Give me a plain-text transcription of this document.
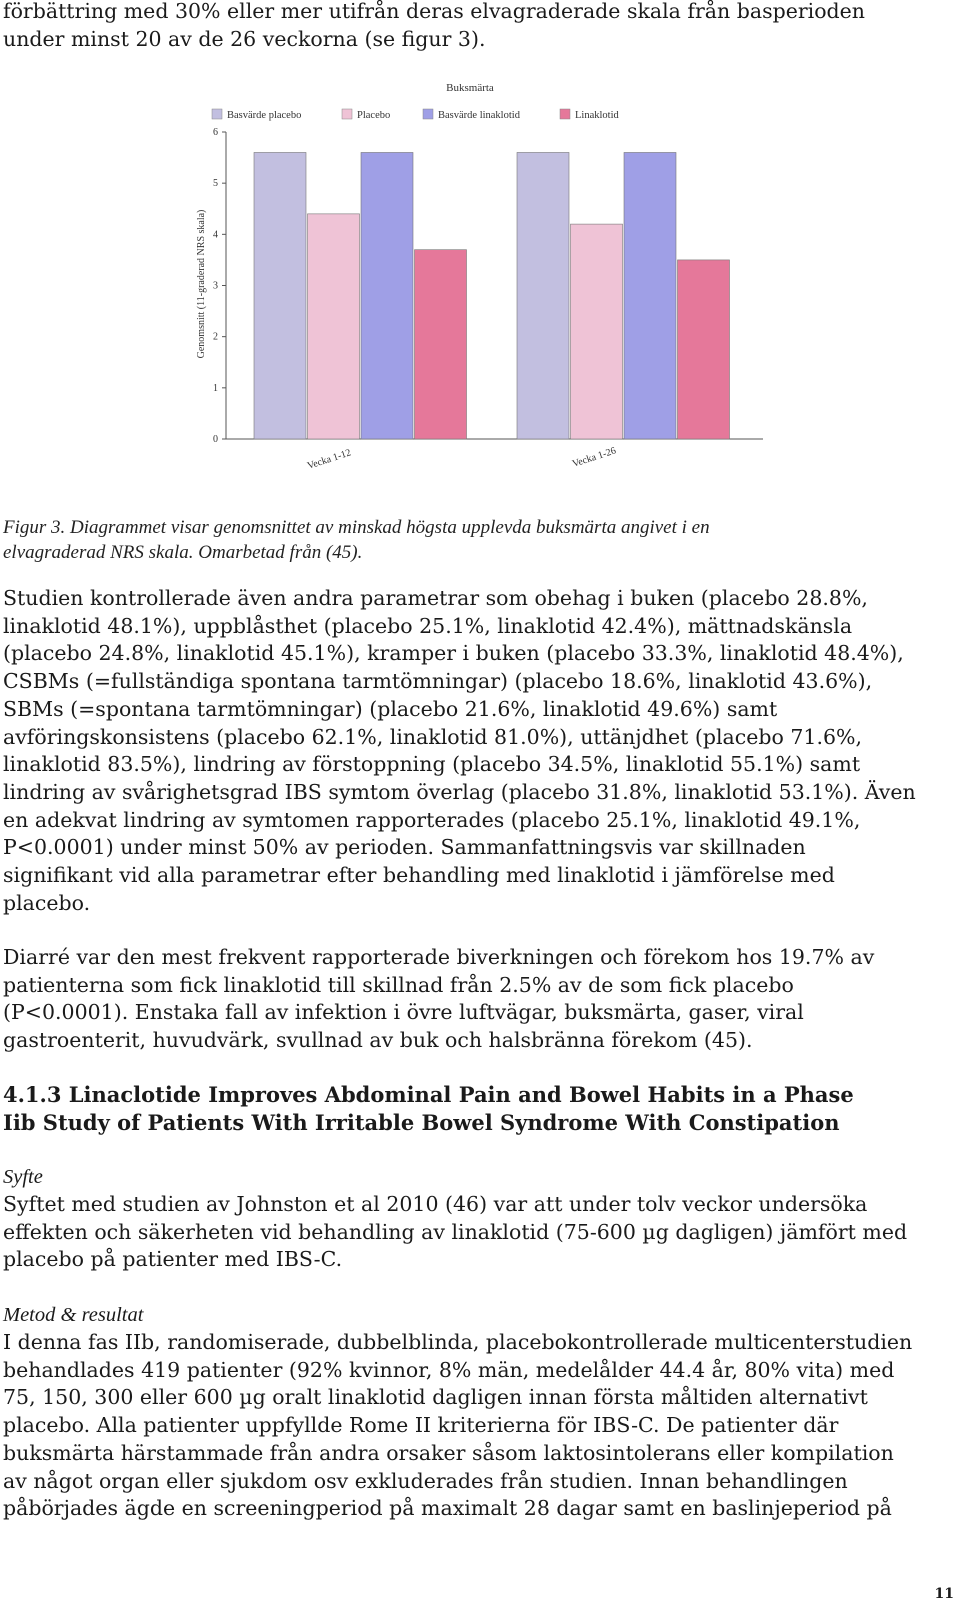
förbättring med 30% eller mer utifrån deras elvagraderade skala från basperioden
under minst 20 av de 26 veckorna (se figur 3).
Buksmärta
Basvärde placebo	Placebo	Basvärde linaklotid	Linaklotid
Genomsnitt (11-graderad NRS skala)
0
1
2
3
4
5
6
Vecka 1-12	Vecka 1-26
Figur 3. Diagrammet visar genomsnittet av minskad högsta upplevda buksmärta angivet i en
elvagraderad NRS skala. Omarbetad från (45).
Studien kontrollerade även andra parametrar som obehag i buken (placebo 28.8%,
linaklotid 48.1%), uppblåsthet (placebo 25.1%, linaklotid 42.4%), mättnadskänsla
(placebo 24.8%, linaklotid 45.1%), kramper i buken (placebo 33.3%, linaklotid 48.4%),
CSBMs (=fullständiga spontana tarmtömningar) (placebo 18.6%, linaklotid 43.6%),
SBMs (=spontana tarmtömningar) (placebo 21.6%, linaklotid 49.6%) samt
avföringskonsistens (placebo 62.1%, linaklotid 81.0%), uttänjdhet (placebo 71.6%,
linaklotid 83.5%), lindring av förstoppning (placebo 34.5%, linaklotid 55.1%) samt
lindring av svårighetsgrad IBS symtom överlag (placebo 31.8%, linaklotid 53.1%). Även
en adekvat lindring av symtomen rapporterades (placebo 25.1%, linaklotid 49.1%,
P<0.0001) under minst 50% av perioden. Sammanfattningsvis var skillnaden
signifikant vid alla parametrar efter behandling med linaklotid i jämförelse med
placebo.
Diarré var den mest frekvent rapporterade biverkningen och förekom hos 19.7% av
patienterna som fick linaklotid till skillnad från 2.5% av de som fick placebo
(P<0.0001). Enstaka fall av infektion i övre luftvägar, buksmärta, gaser, viral
gastroenterit, huvudvärk, svullnad av buk och halsbränna förekom (45).
4.1.3 Linaclotide Improves Abdominal Pain and Bowel Habits in a Phase
Iib Study of Patients With Irritable Bowel Syndrome With Constipation
Syfte
Syftet med studien av Johnston et al 2010 (46) var att under tolv veckor undersöka
effekten och säkerheten vid behandling av linaklotid (75-600 µg dagligen) jämfört med
placebo på patienter med IBS-C.
Metod & resultat
I denna fas IIb, randomiserade, dubbelblinda, placebokontrollerade multicenterstudien
behandlades 419 patienter (92% kvinnor, 8% män, medelålder 44.4 år, 80% vita) med
75, 150, 300 eller 600 µg oralt linaklotid dagligen innan första måltiden alternativt
placebo. Alla patienter uppfyllde Rome II kriterierna för IBS-C. De patienter där
buksmärta härstammade från andra orsaker såsom laktosintolerans eller kompilation
av något organ eller sjukdom osv exkluderades från studien. Innan behandlingen
påbörjades ägde en screeningperiod på maximalt 28 dagar samt en baslinjeperiod på
11
